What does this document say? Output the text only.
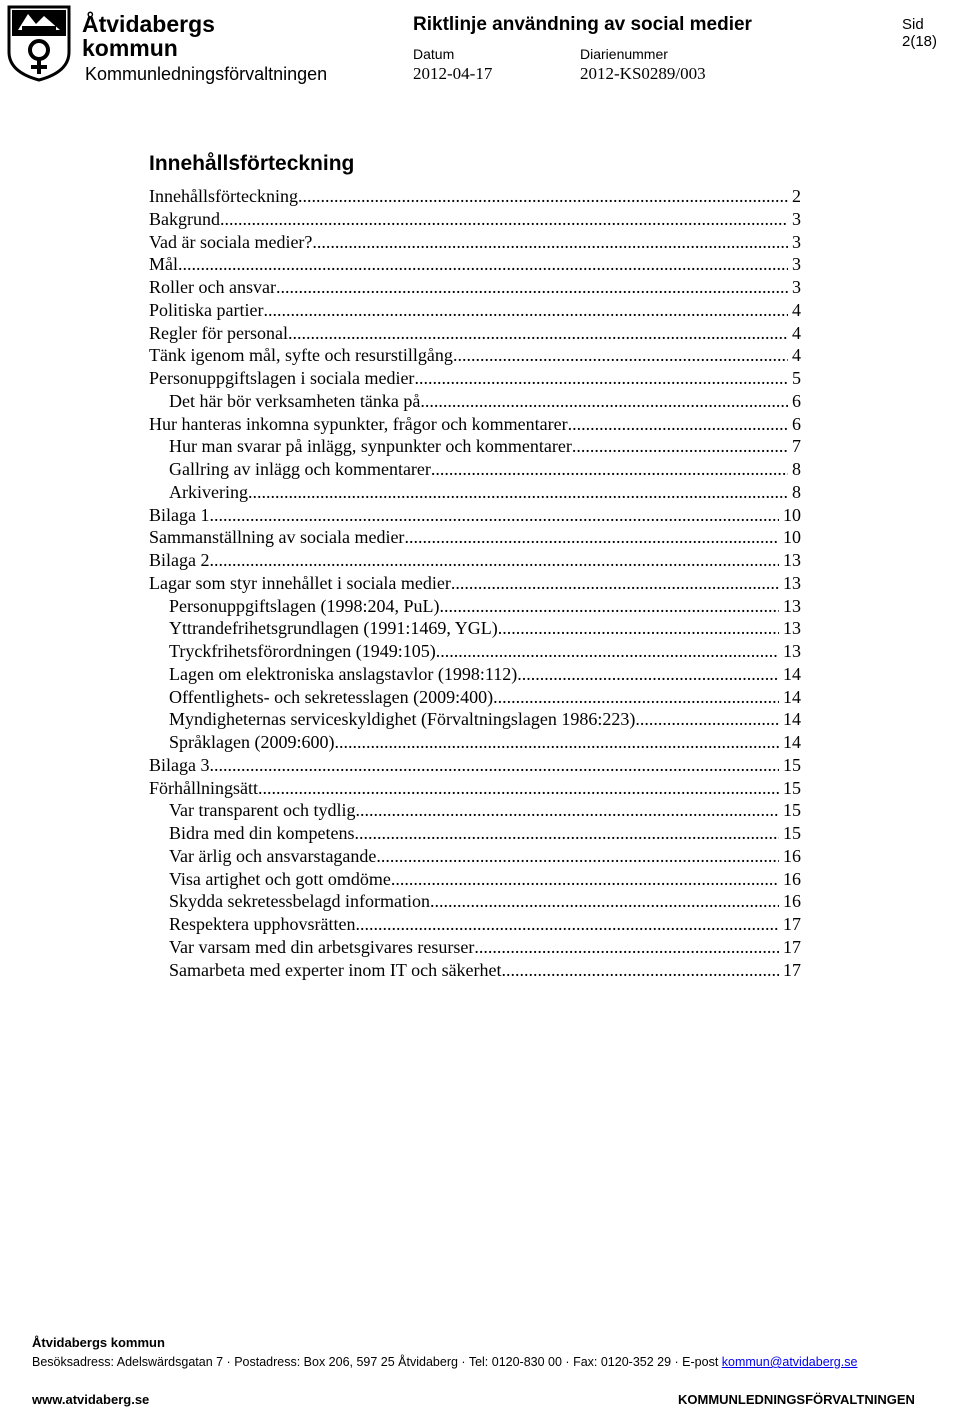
Åtvidabergs
kommun
Kommunledningsförvaltningen
Riktlinje användning av social medier
Datum
2012-04-17
Diarienummer
2012-KS0289/003
Sid 2(18)
Innehållsförteckning
Innehållsförteckning .....	2
Bakgrund .....	3
Vad är sociala medier? .....	3
Mål .....	3
Roller och ansvar .....	3
Politiska partier .....	4
Regler för personal .....	4
Tänk igenom mål, syfte och resurstillgång .....	4
Personuppgiftslagen i sociala medier .....	5
Det här bör verksamheten tänka på .....	6
Hur hanteras inkomna sypunkter, frågor och kommentarer .....	6
Hur man svarar på inlägg, synpunkter och kommentarer .....	7
Gallring av inlägg och kommentarer .....	8
Arkivering .....	8
Bilaga 1 .....	10
Sammanställning av sociala medier .....	10
Bilaga 2 .....	13
Lagar som styr innehållet i sociala medier .....	13
Personuppgiftslagen (1998:204, PuL) .....	13
Yttrandefrihetsgrundlagen (1991:1469, YGL) .....	13
Tryckfrihetsförordningen (1949:105) .....	13
Lagen om elektroniska anslagstavlor (1998:112) .....	14
Offentlighets- och sekretesslagen (2009:400) .....	14
Myndigheternas serviceskyldighet (Förvaltningslagen 1986:223) .....	14
Språklagen (2009:600) .....	14
Bilaga 3 .....	15
Förhållningsätt .....	15
Var transparent och tydlig .....	15
Bidra med din kompetens .....	15
Var ärlig och ansvarstagande .....	16
Visa artighet och gott omdöme .....	16
Skydda sekretessbelagd information .....	16
Respektera upphovsrätten .....	17
Var varsam med din arbetsgivares resurser .....	17
Samarbeta med experter inom IT och säkerhet .....	17
Åtvidabergs kommun
Besöksadress: Adelswärdsgatan 7 · Postadress: Box 206, 597 25 Åtvidaberg · Tel: 0120-830 00 · Fax: 0120-352 29 · E-post kommun@atvidaberg.se
www.atvidaberg.se	KOMMUNLEDNINGSFÖRVALTNINGEN
